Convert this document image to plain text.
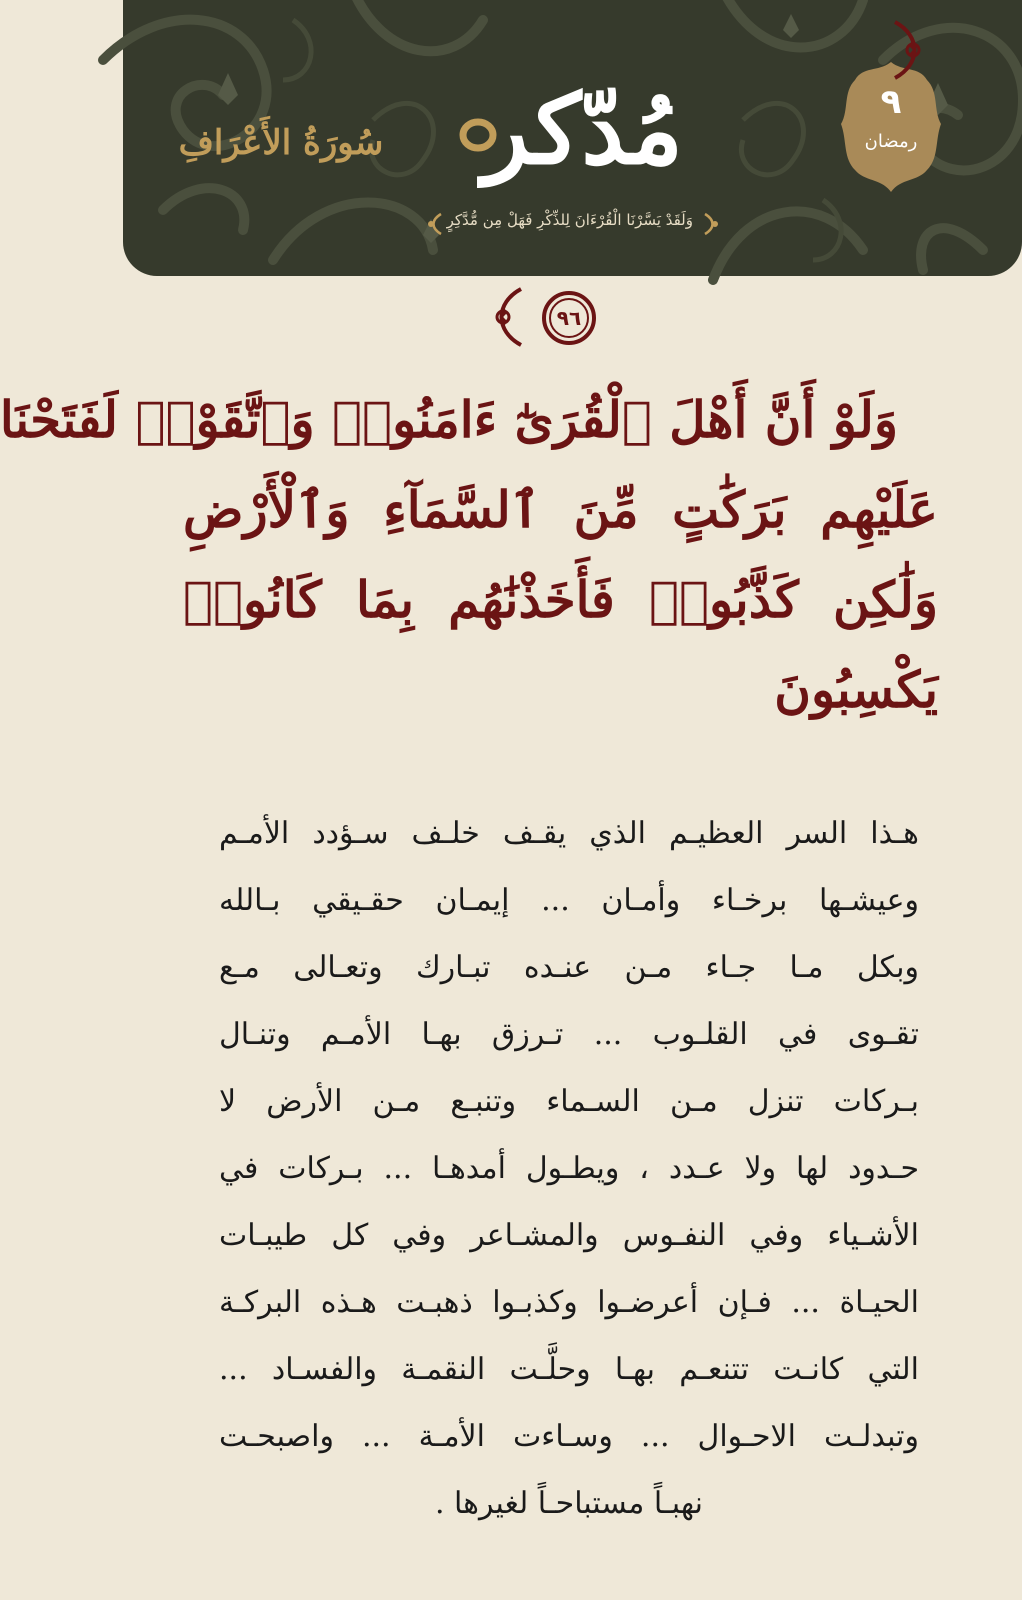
٩
رمضان
مُدّكر
وَلَقَدْ يَسَّرْنَا الْقُرْءَانَ لِلذِّكْرِ فَهَلْ مِن مُّدَّكِرٍ
سُورَةُ الأَعْرَافِ
وَلَوْ أَنَّ أَهْلَ ٱلْقُرَىٰٓ ءَامَنُوا۟ وَٱتَّقَوْا۟ لَفَتَحْنَا
عَلَيْهِم بَرَكَٰتٍ مِّنَ ٱلسَّمَآءِ وَٱلْأَرْضِ
وَلَٰكِن كَذَّبُوا۟ فَأَخَذْنَٰهُم بِمَا كَانُوا۟
يَكْسِبُونَ
٩٦
هـذا السر العظيـم الذي يقـف خلـف سـؤدد الأمـم
وعيشـها برخـاء وأمـان ... إيمـان حقـيقي بـالله
وبكل مـا جـاء مـن عنـده تبـارك وتعـالى مـع
تقـوى في القلـوب ... تـرزق بهـا الأمـم وتنـال
بـركات تنزل مـن السـماء وتنبـع مـن الأرض لا
حـدود لها ولا عـدد ، ويطـول أمدهـا ... بـركات في
الأشـياء وفي النفـوس والمشـاعر وفي كل طيبـات
الحيـاة ... فـإن أعرضـوا وكذبـوا ذهبـت هـذه البركـة
التي كانـت تتنعـم بهـا وحلَّـت النقمـة والفسـاد ...
وتبدلـت الاحـوال ... وسـاءت الأمـة ... واصبحـت
نهبـاً مستباحـاً لغيرها .
